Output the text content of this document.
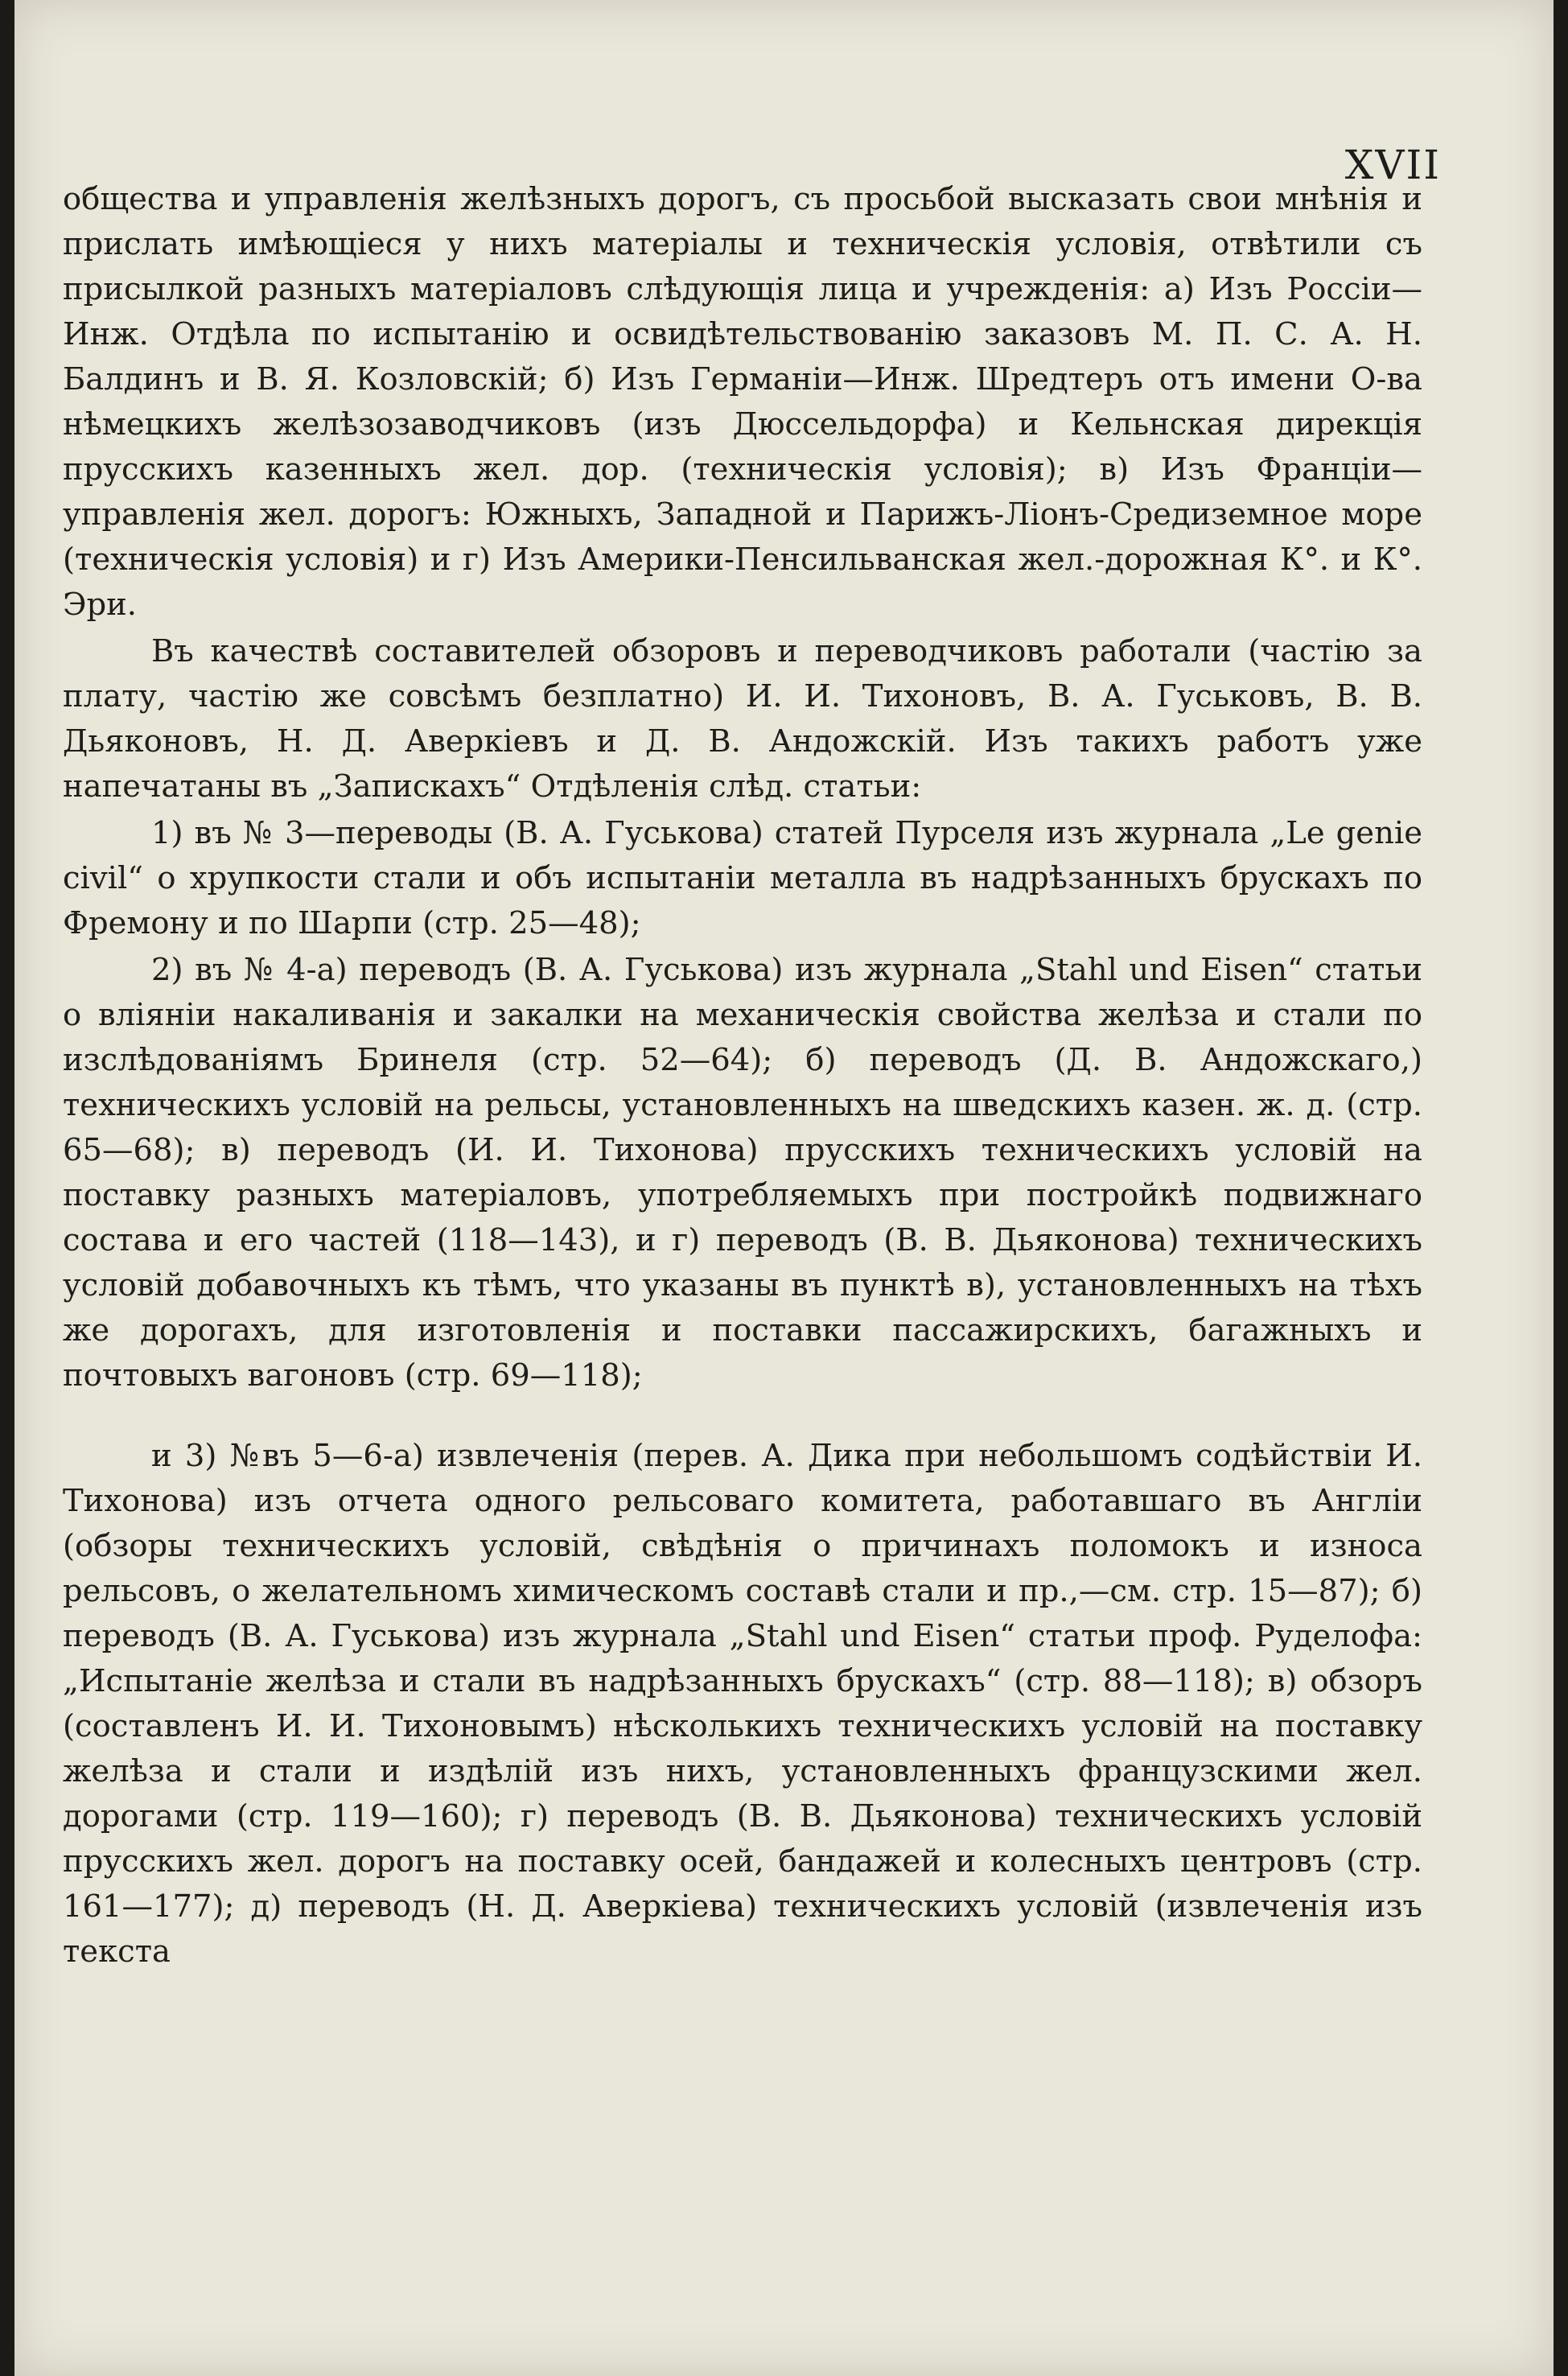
XVII

общества и управленія желѣзныхъ дорогъ, съ просьбой высказать свои мнѣнія и прислать имѣющіеся у нихъ матеріалы и техническія условія, отвѣтили съ присылкой разныхъ матеріаловъ слѣдующія лица и учрежденія: а) Изъ Россіи—Инж. Отдѣла по испытанію и освидѣтельствованію заказовъ М. П. С. А. Н. Балдинъ и В. Я. Козловскій; б) Изъ Германіи—Инж. Шредтеръ отъ имени О-ва нѣмецкихъ желѣзозаводчиковъ (изъ Дюссельдорфа) и Кельнская дирекція прусскихъ казенныхъ жел. дор. (техническія условія); в) Изъ Франціи—управленія жел. дорогъ: Южныхъ, Западной и Парижъ-Ліонъ-Средиземное море (техническія условія) и г) Изъ Америки-Пенсильванская жел.-дорожная К°. и К°. Эри.

Въ качествѣ составителей обзоровъ и переводчиковъ работали (частію за плату, частію же совсѣмъ безплатно) И. И. Тихоновъ, В. А. Гуськовъ, В. В. Дьяконовъ, Н. Д. Аверкіевъ и Д. В. Андожскій. Изъ такихъ работъ уже напечатаны въ „Запискахъ“ Отдѣленія слѣд. статьи:

1) въ № 3—переводы (В. А. Гуськова) статей Пурселя изъ журнала „Le genie civil“ о хрупкости стали и объ испытаніи металла въ надрѣзанныхъ брускахъ по Фремону и по Шарпи (стр. 25—48);

2) въ № 4-а) переводъ (В. А. Гуськова) изъ журнала „Stahl und Eisen“ статьи о вліяніи накаливанія и закалки на механическія свойства желѣза и стали по изслѣдованіямъ Бринеля (стр. 52—64); б) переводъ (Д. В. Андожскаго,) техническихъ условій на рельсы, установленныхъ на шведскихъ казен. ж. д. (стр. 65—68); в) переводъ (И. И. Тихонова) прусскихъ техническихъ условій на поставку разныхъ матеріаловъ, употребляемыхъ при постройкѣ подвижнаго состава и его частей (118—143), и г) переводъ (В. В. Дьяконова) техническихъ условій добавочныхъ къ тѣмъ, что указаны въ пунктѣ в), установленныхъ на тѣхъ же дорогахъ, для изготовленія и поставки пассажирскихъ, багажныхъ и почтовыхъ вагоновъ (стр. 69—118);

и 3) №въ 5—6-а) извлеченія (перев. А. Дика при небольшомъ содѣйствіи И. Тихонова) изъ отчета одного рельсоваго комитета, работавшаго въ Англіи (обзоры техническихъ условій, свѣдѣнія о причинахъ поломокъ и износа рельсовъ, о желательномъ химическомъ составѣ стали и пр.,—см. стр. 15—87); б) переводъ (В. А. Гуськова) изъ журнала „Stahl und Eisen“ статьи проф. Руделофа: „Испытаніе желѣза и стали въ надрѣзанныхъ брускахъ“ (стр. 88—118); в) обзоръ (составленъ И. И. Тихоновымъ) нѣсколькихъ техническихъ условій на поставку желѣза и стали и издѣлій изъ нихъ, установленныхъ французскими жел. дорогами (стр. 119—160); г) переводъ (В. В. Дьяконова) техническихъ условій прусскихъ жел. дорогъ на поставку осей, бандажей и колесныхъ центровъ (стр. 161—177); д) переводъ (Н. Д. Аверкіева) техническихъ условій (извлеченія изъ текста
